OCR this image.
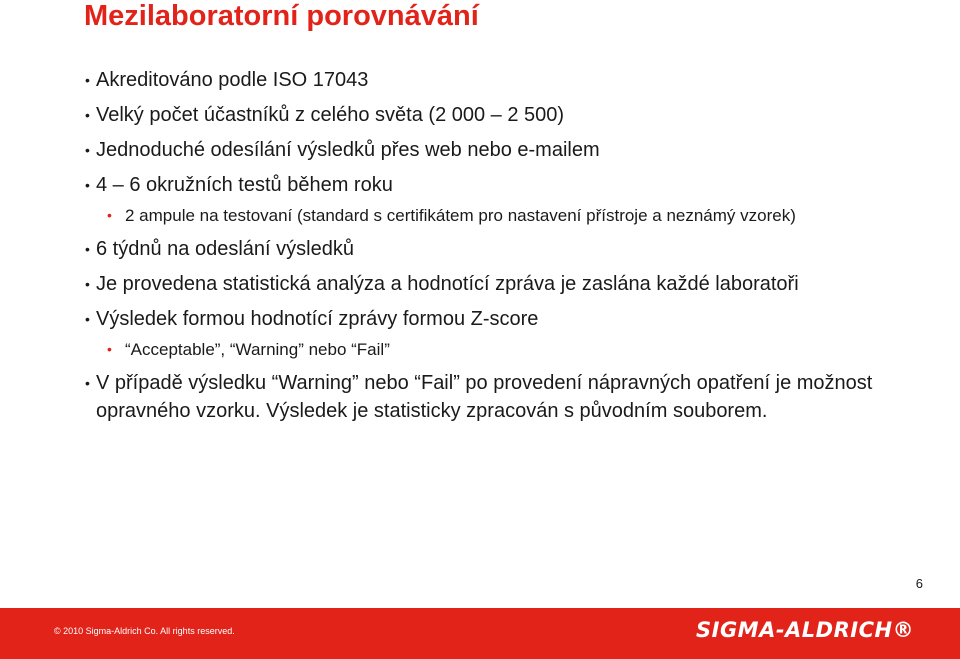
Mezilaboratorní porovnávání
• Akreditováno podle ISO 17043
• Velký počet účastníků z celého světa (2 000 – 2 500)
• Jednoduché odesílání výsledků přes web nebo e-mailem
• 4 – 6 okružních testů během roku
• 2 ampule na testovaní (standard s certifikátem pro nastavení přístroje a neznámý vzorek)
• 6 týdnů na odeslání výsledků
• Je provedena statistická analýza a hodnotící zpráva je zaslána každé laboratoři
• Výsledek formou hodnotící zprávy formou Z-score
• “Acceptable”, “Warning” nebo “Fail”
• V případě výsledku “Warning” nebo “Fail” po provedení nápravných opatření je možnost opravného vzorku. Výsledek je statisticky zpracován s původním souborem.
6
© 2010 Sigma-Aldrich Co. All rights reserved.	SIGMA-ALDRICH®
